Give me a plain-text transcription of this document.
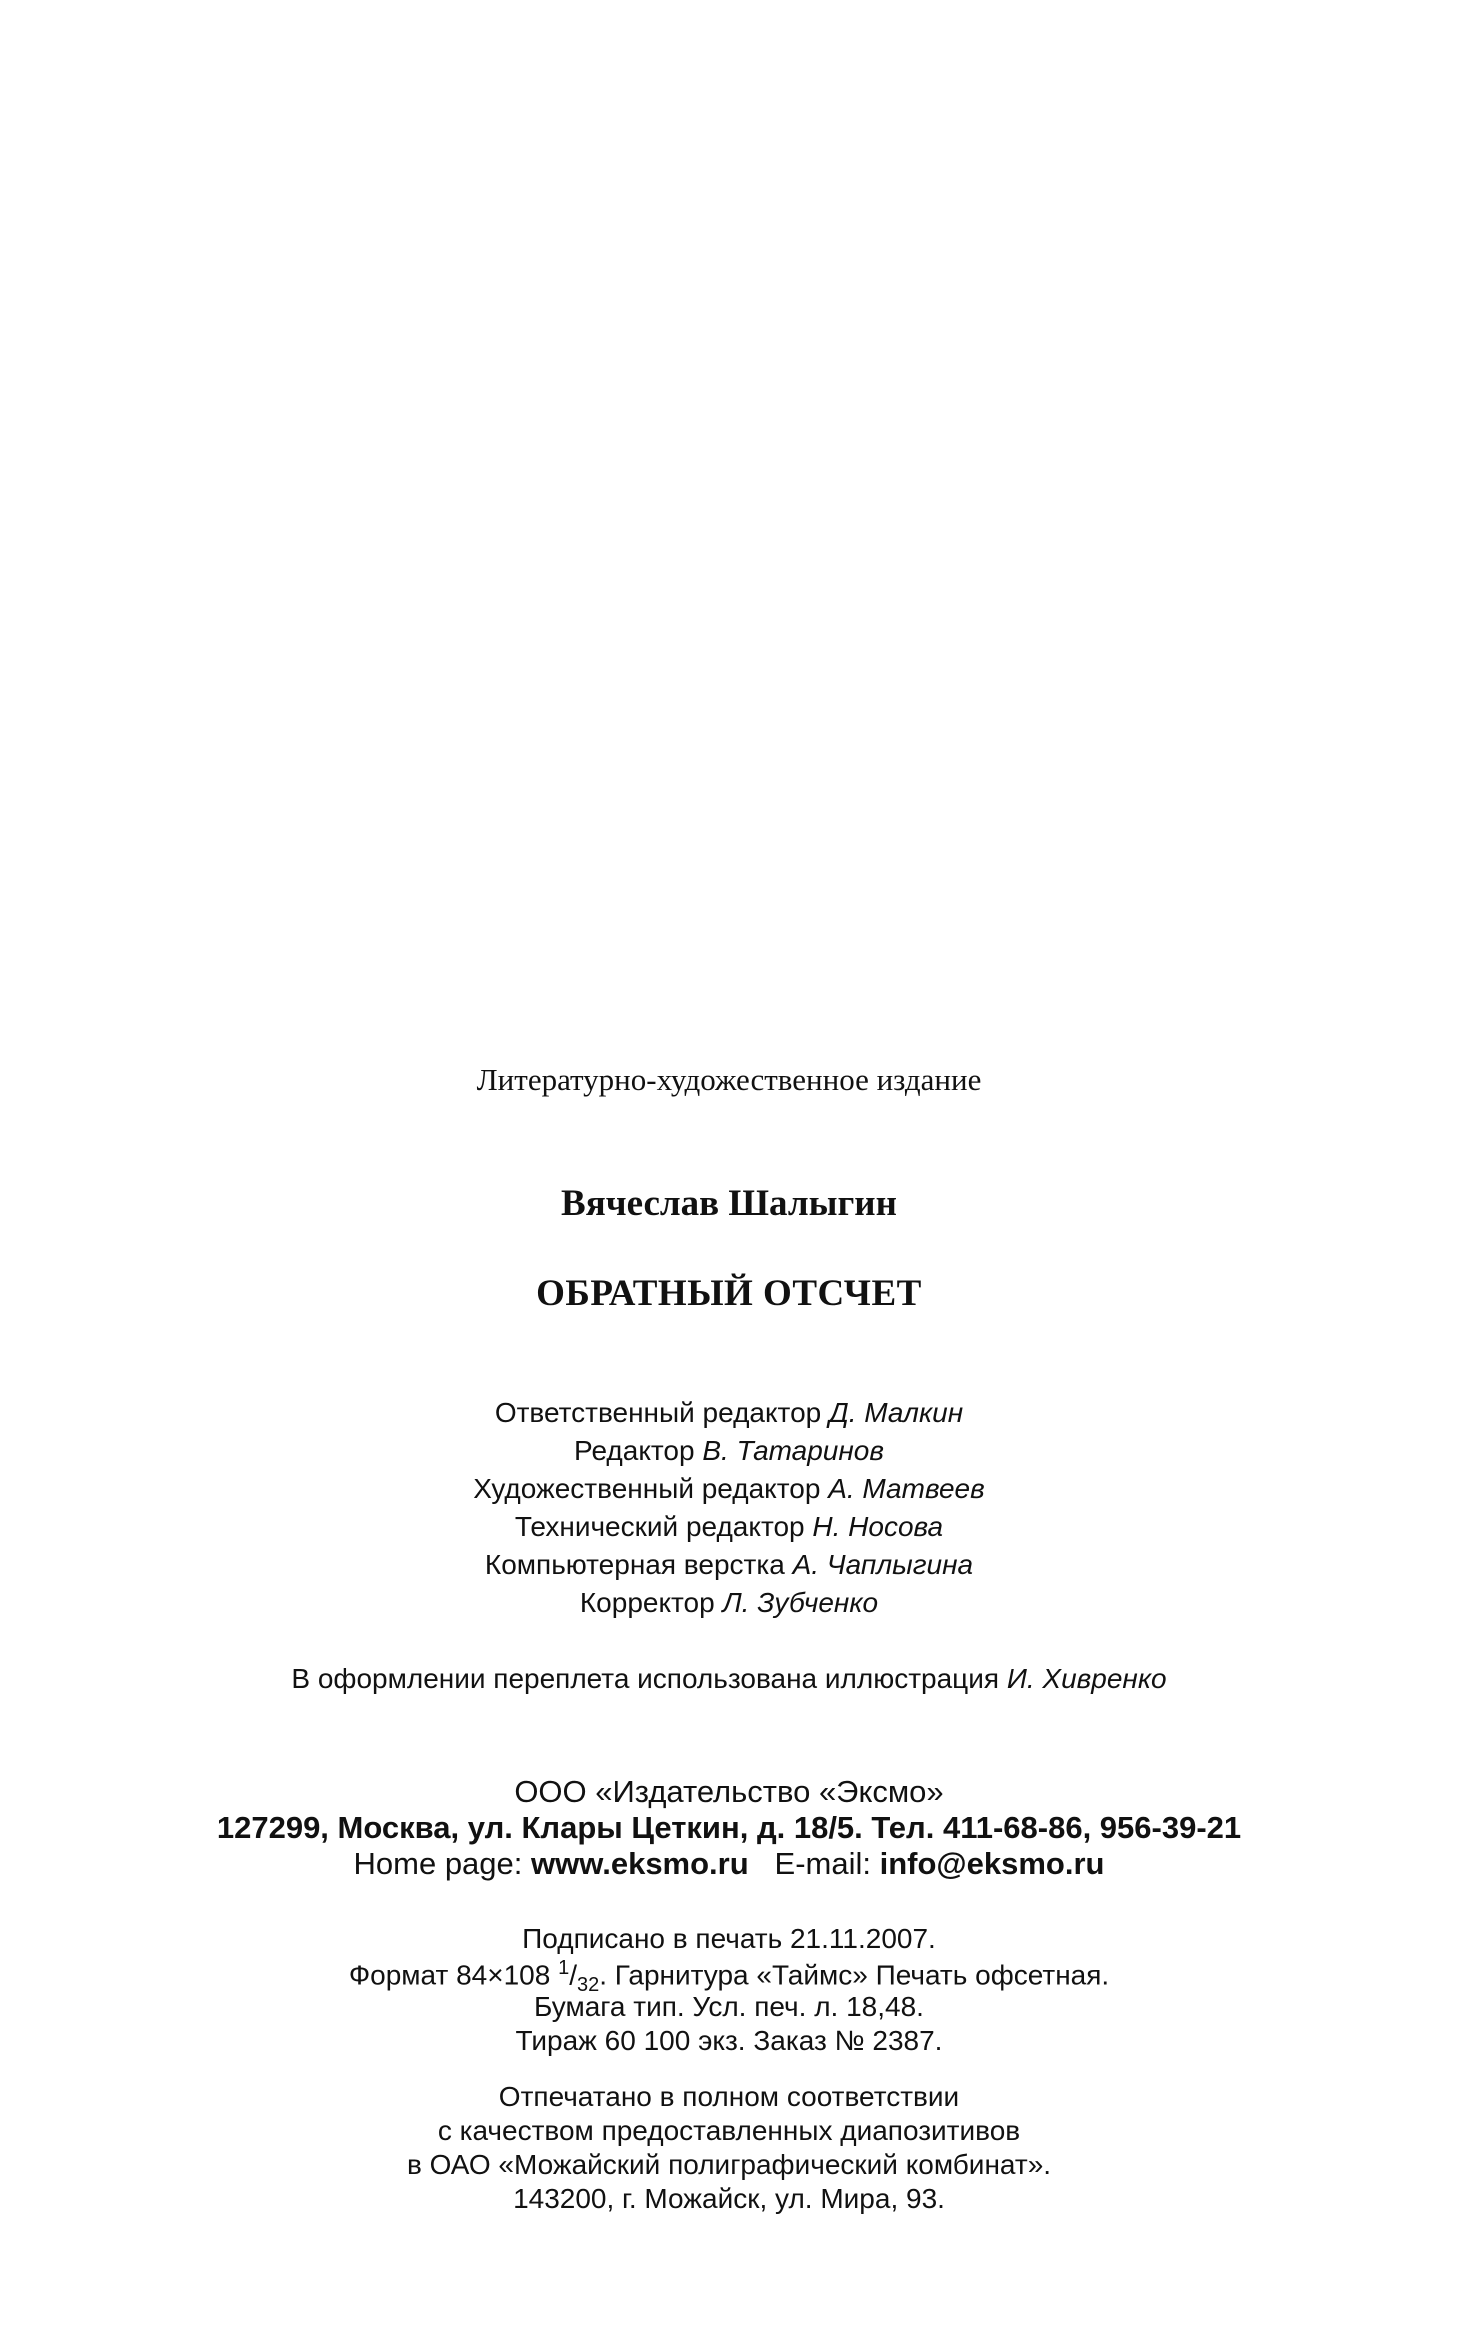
Литературно-художественное издание
Вячеслав Шалыгин
ОБРАТНЫЙ ОТСЧЕТ
Ответственный редактор Д. Малкин
Редактор В. Татаринов
Художественный редактор А. Матвеев
Технический редактор Н. Носова
Компьютерная верстка А. Чаплыгина
Корректор Л. Зубченко
В оформлении переплета использована иллюстрация И. Хивренко
ООО «Издательство «Эксмо»
127299, Москва, ул. Клары Цеткин, д. 18/5. Тел. 411-68-86, 956-39-21
Home page: www.eksmo.ru E-mail: info@eksmo.ru
Подписано в печать 21.11.2007.
Формат 84×108 $^1/_{32}$. Гарнитура «Таймс» Печать офсетная.
Бумага тип. Усл. печ. л. 18,48.
Тираж 60 100 экз. Заказ № 2387.
Отпечатано в полном соответствии
с качеством предоставленных диапозитивов
в ОАО «Можайский полиграфический комбинат».
143200, г. Можайск, ул. Мира, 93.
